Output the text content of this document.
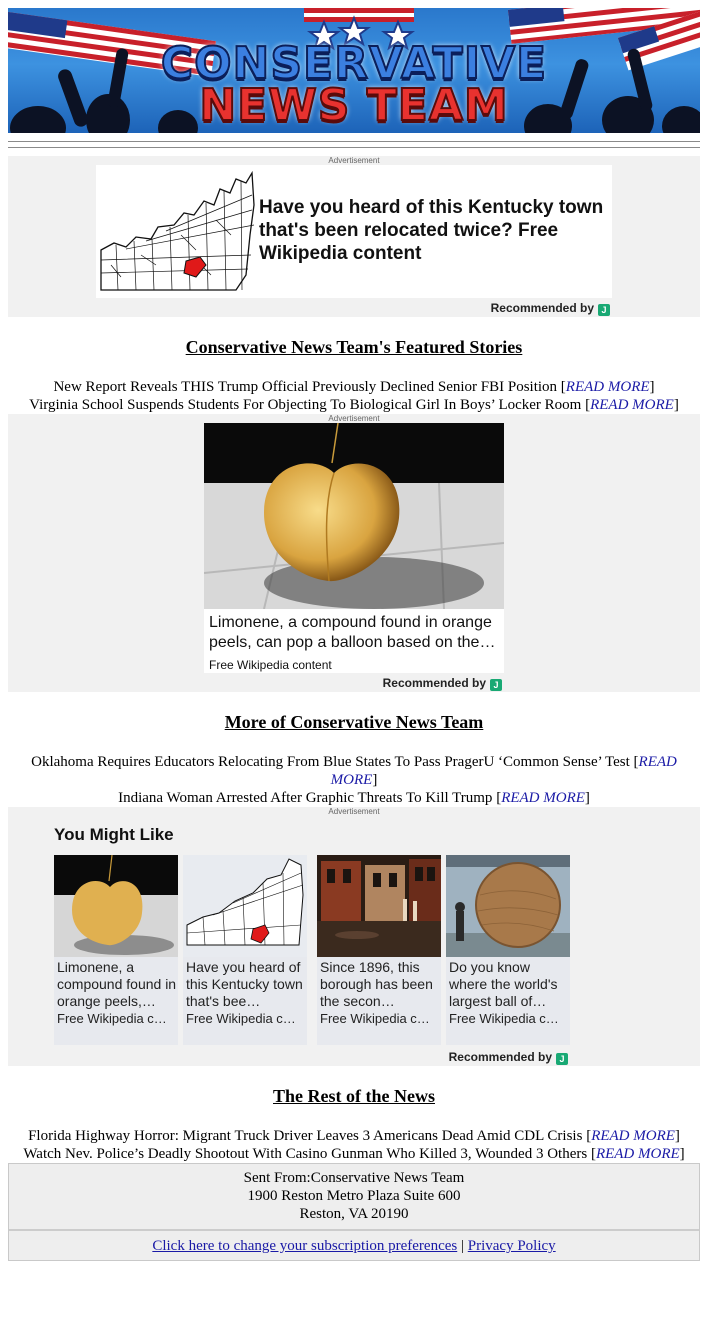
CONSERVATIVE
NEWS TEAM
Advertisement
Have you heard of this Kentucky town that's been relocated twice? Free Wikipedia content
Recommended by J
Conservative News Team's Featured Stories
New Report Reveals THIS Trump Official Previously Declined Senior FBI Position [READ MORE]
Virginia School Suspends Students For Objecting To Biological Girl In Boys’ Locker Room [READ MORE]
Advertisement
Limonene, a compound found in orange peels, can pop a balloon based on the…
Free Wikipedia content
Recommended by J
More of Conservative News Team
Oklahoma Requires Educators Relocating From Blue States To Pass PragerU ‘Common Sense’ Test [READ MORE]
Indiana Woman Arrested After Graphic Threats To Kill Trump [READ MORE]
Advertisement
You Might Like
Limonene, a compound found in orange peels,…
Free Wikipedia c…
Have you heard of this Kentucky town that's bee…
Free Wikipedia c…
Since 1896, this borough has been the secon…
Free Wikipedia c…
Do you know where the world's largest ball of…
Free Wikipedia c…
Recommended by J
The Rest of the News
Florida Highway Horror: Migrant Truck Driver Leaves 3 Americans Dead Amid CDL Crisis [READ MORE]
Watch Nev. Police’s Deadly Shootout With Casino Gunman Who Killed 3, Wounded 3 Others [READ MORE]
Sent From:Conservative News Team
1900 Reston Metro Plaza Suite 600
Reston, VA 20190
Click here to change your subscription preferences | Privacy Policy
